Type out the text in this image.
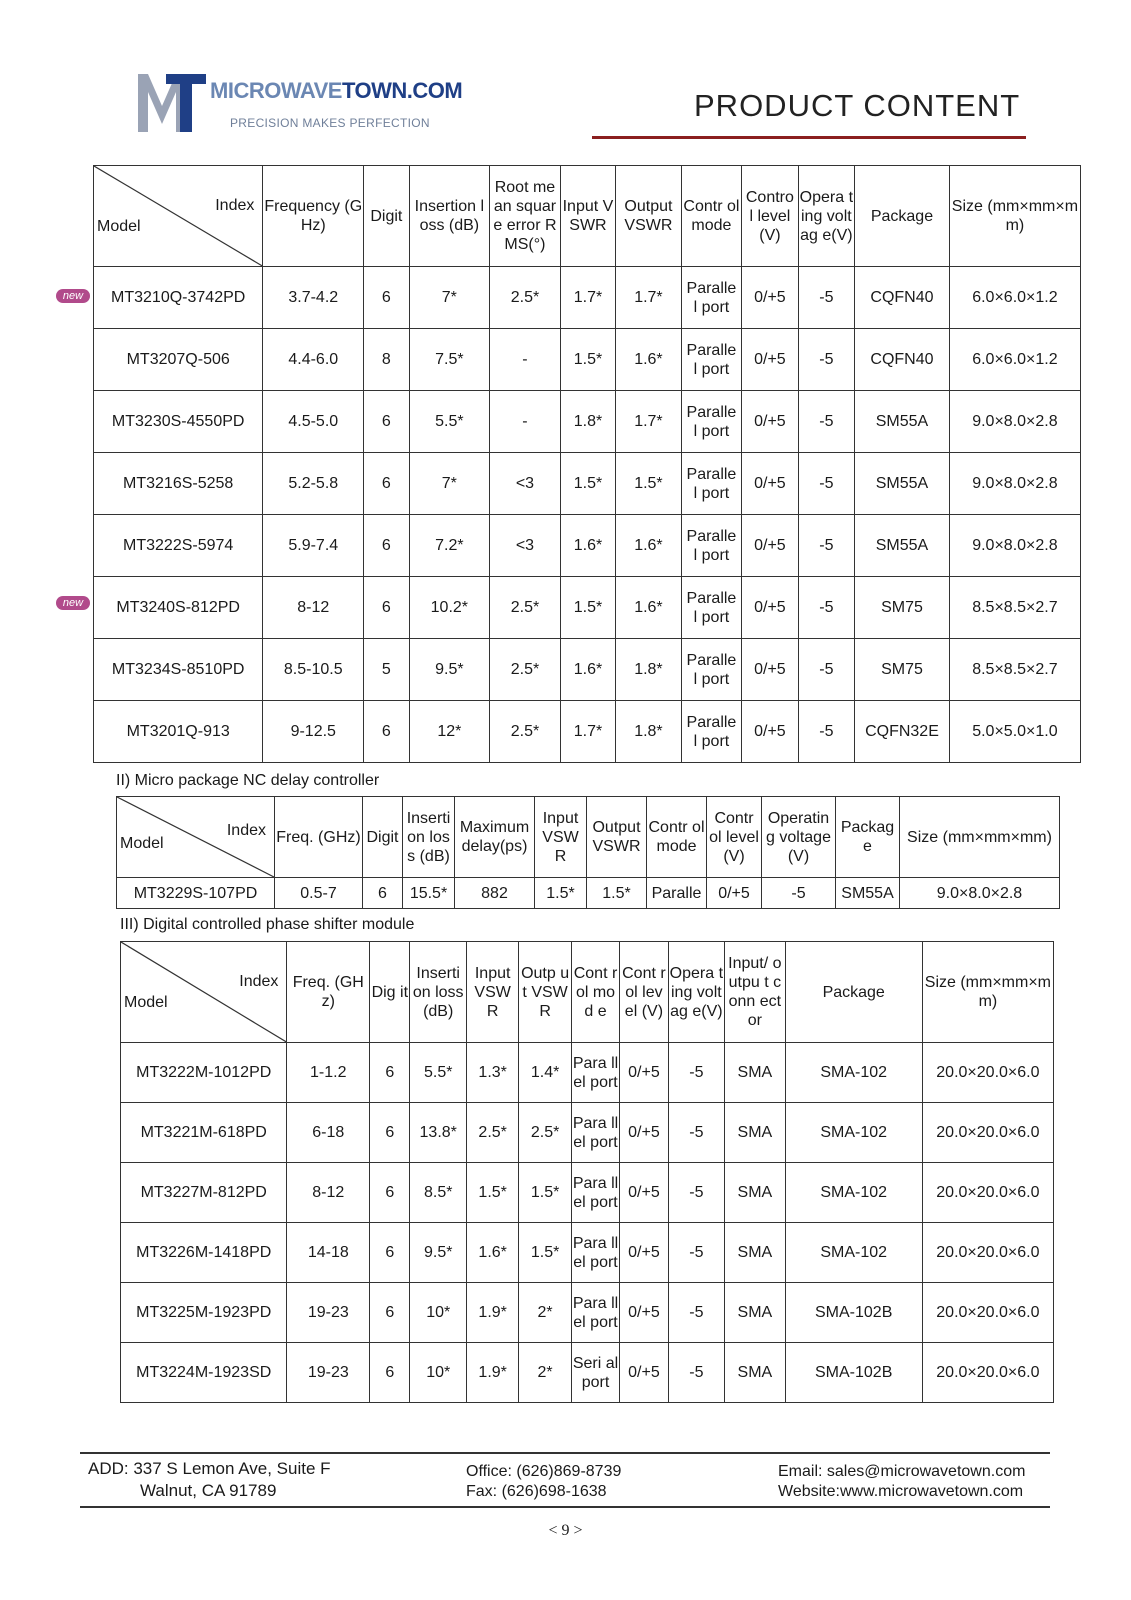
MICROWAVETOWN.COM
PRECISION MAKES PERFECTION	PRODUCT CONTENT
Index
Model	Frequency (GHz)	Digit	Insertion loss (dB)	Root mean square error RMS(°)	Input VSWR	Output VSWR	Contr ol mode	Contro l level (V)	Opera ting voltag e(V)	Package	Size (mm×mm×mm)
MT3210Q-3742PD	3.7-4.2	6	7*	2.5*	1.7*	1.7*	Paralle l port	0/+5	-5	CQFN40	6.0×6.0×1.2
MT3207Q-506	4.4-6.0	8	7.5*	-	1.5*	1.6*	Paralle l port	0/+5	-5	CQFN40	6.0×6.0×1.2
MT3230S-4550PD	4.5-5.0	6	5.5*	-	1.8*	1.7*	Paralle l port	0/+5	-5	SM55A	9.0×8.0×2.8
MT3216S-5258	5.2-5.8	6	7*	<3	1.5*	1.5*	Paralle l port	0/+5	-5	SM55A	9.0×8.0×2.8
MT3222S-5974	5.9-7.4	6	7.2*	<3	1.6*	1.6*	Paralle l port	0/+5	-5	SM55A	9.0×8.0×2.8
MT3240S-812PD	8-12	6	10.2*	2.5*	1.5*	1.6*	Paralle l port	0/+5	-5	SM75	8.5×8.5×2.7
MT3234S-8510PD	8.5-10.5	5	9.5*	2.5*	1.6*	1.8*	Paralle l port	0/+5	-5	SM75	8.5×8.5×2.7
MT3201Q-913	9-12.5	6	12*	2.5*	1.7*	1.8*	Paralle l port	0/+5	-5	CQFN32E	5.0×5.0×1.0
new
new
II) Micro package NC delay controller
Index
Model	Freq. (GHz)	Digit	Inserti on loss (dB)	Maximum delay(ps)	Input VSW R	Output VSWR	Contr ol mode	Contr ol level (V)	Operatin g voltage (V)	Packag e	Size (mm×mm×mm)
MT3229S-107PD	0.5-7	6	15.5*	882	1.5*	1.5*	Paralle	0/+5	-5	SM55A	9.0×8.0×2.8
III) Digital controlled phase shifter module
Index
Model	Freq. (GHz)	Dig it	Inserti on loss (dB)	Input VSW R	Outp ut VSW R	Cont rol mod e	Cont rol level (V)	Opera ting voltag e(V)	Input/ outpu t conn ector	Package	Size (mm×mm×mm)
MT3222M-1012PD	1-1.2	6	5.5*	1.3*	1.4*	Para llel port	0/+5	-5	SMA	SMA-102	20.0×20.0×6.0
MT3221M-618PD	6-18	6	13.8*	2.5*	2.5*	Para llel port	0/+5	-5	SMA	SMA-102	20.0×20.0×6.0
MT3227M-812PD	8-12	6	8.5*	1.5*	1.5*	Para llel port	0/+5	-5	SMA	SMA-102	20.0×20.0×6.0
MT3226M-1418PD	14-18	6	9.5*	1.6*	1.5*	Para llel port	0/+5	-5	SMA	SMA-102	20.0×20.0×6.0
MT3225M-1923PD	19-23	6	10*	1.9*	2*	Para llel port	0/+5	-5	SMA	SMA-102B	20.0×20.0×6.0
MT3224M-1923SD	19-23	6	10*	1.9*	2*	Seri al port	0/+5	-5	SMA	SMA-102B	20.0×20.0×6.0
ADD: 337 S Lemon Ave, Suite F
Walnut, CA 91789
Office: (626)869-8739
Fax: (626)698-1638
Email: sales@microwavetown.com
Website:www.microwavetown.com
< 9 >
